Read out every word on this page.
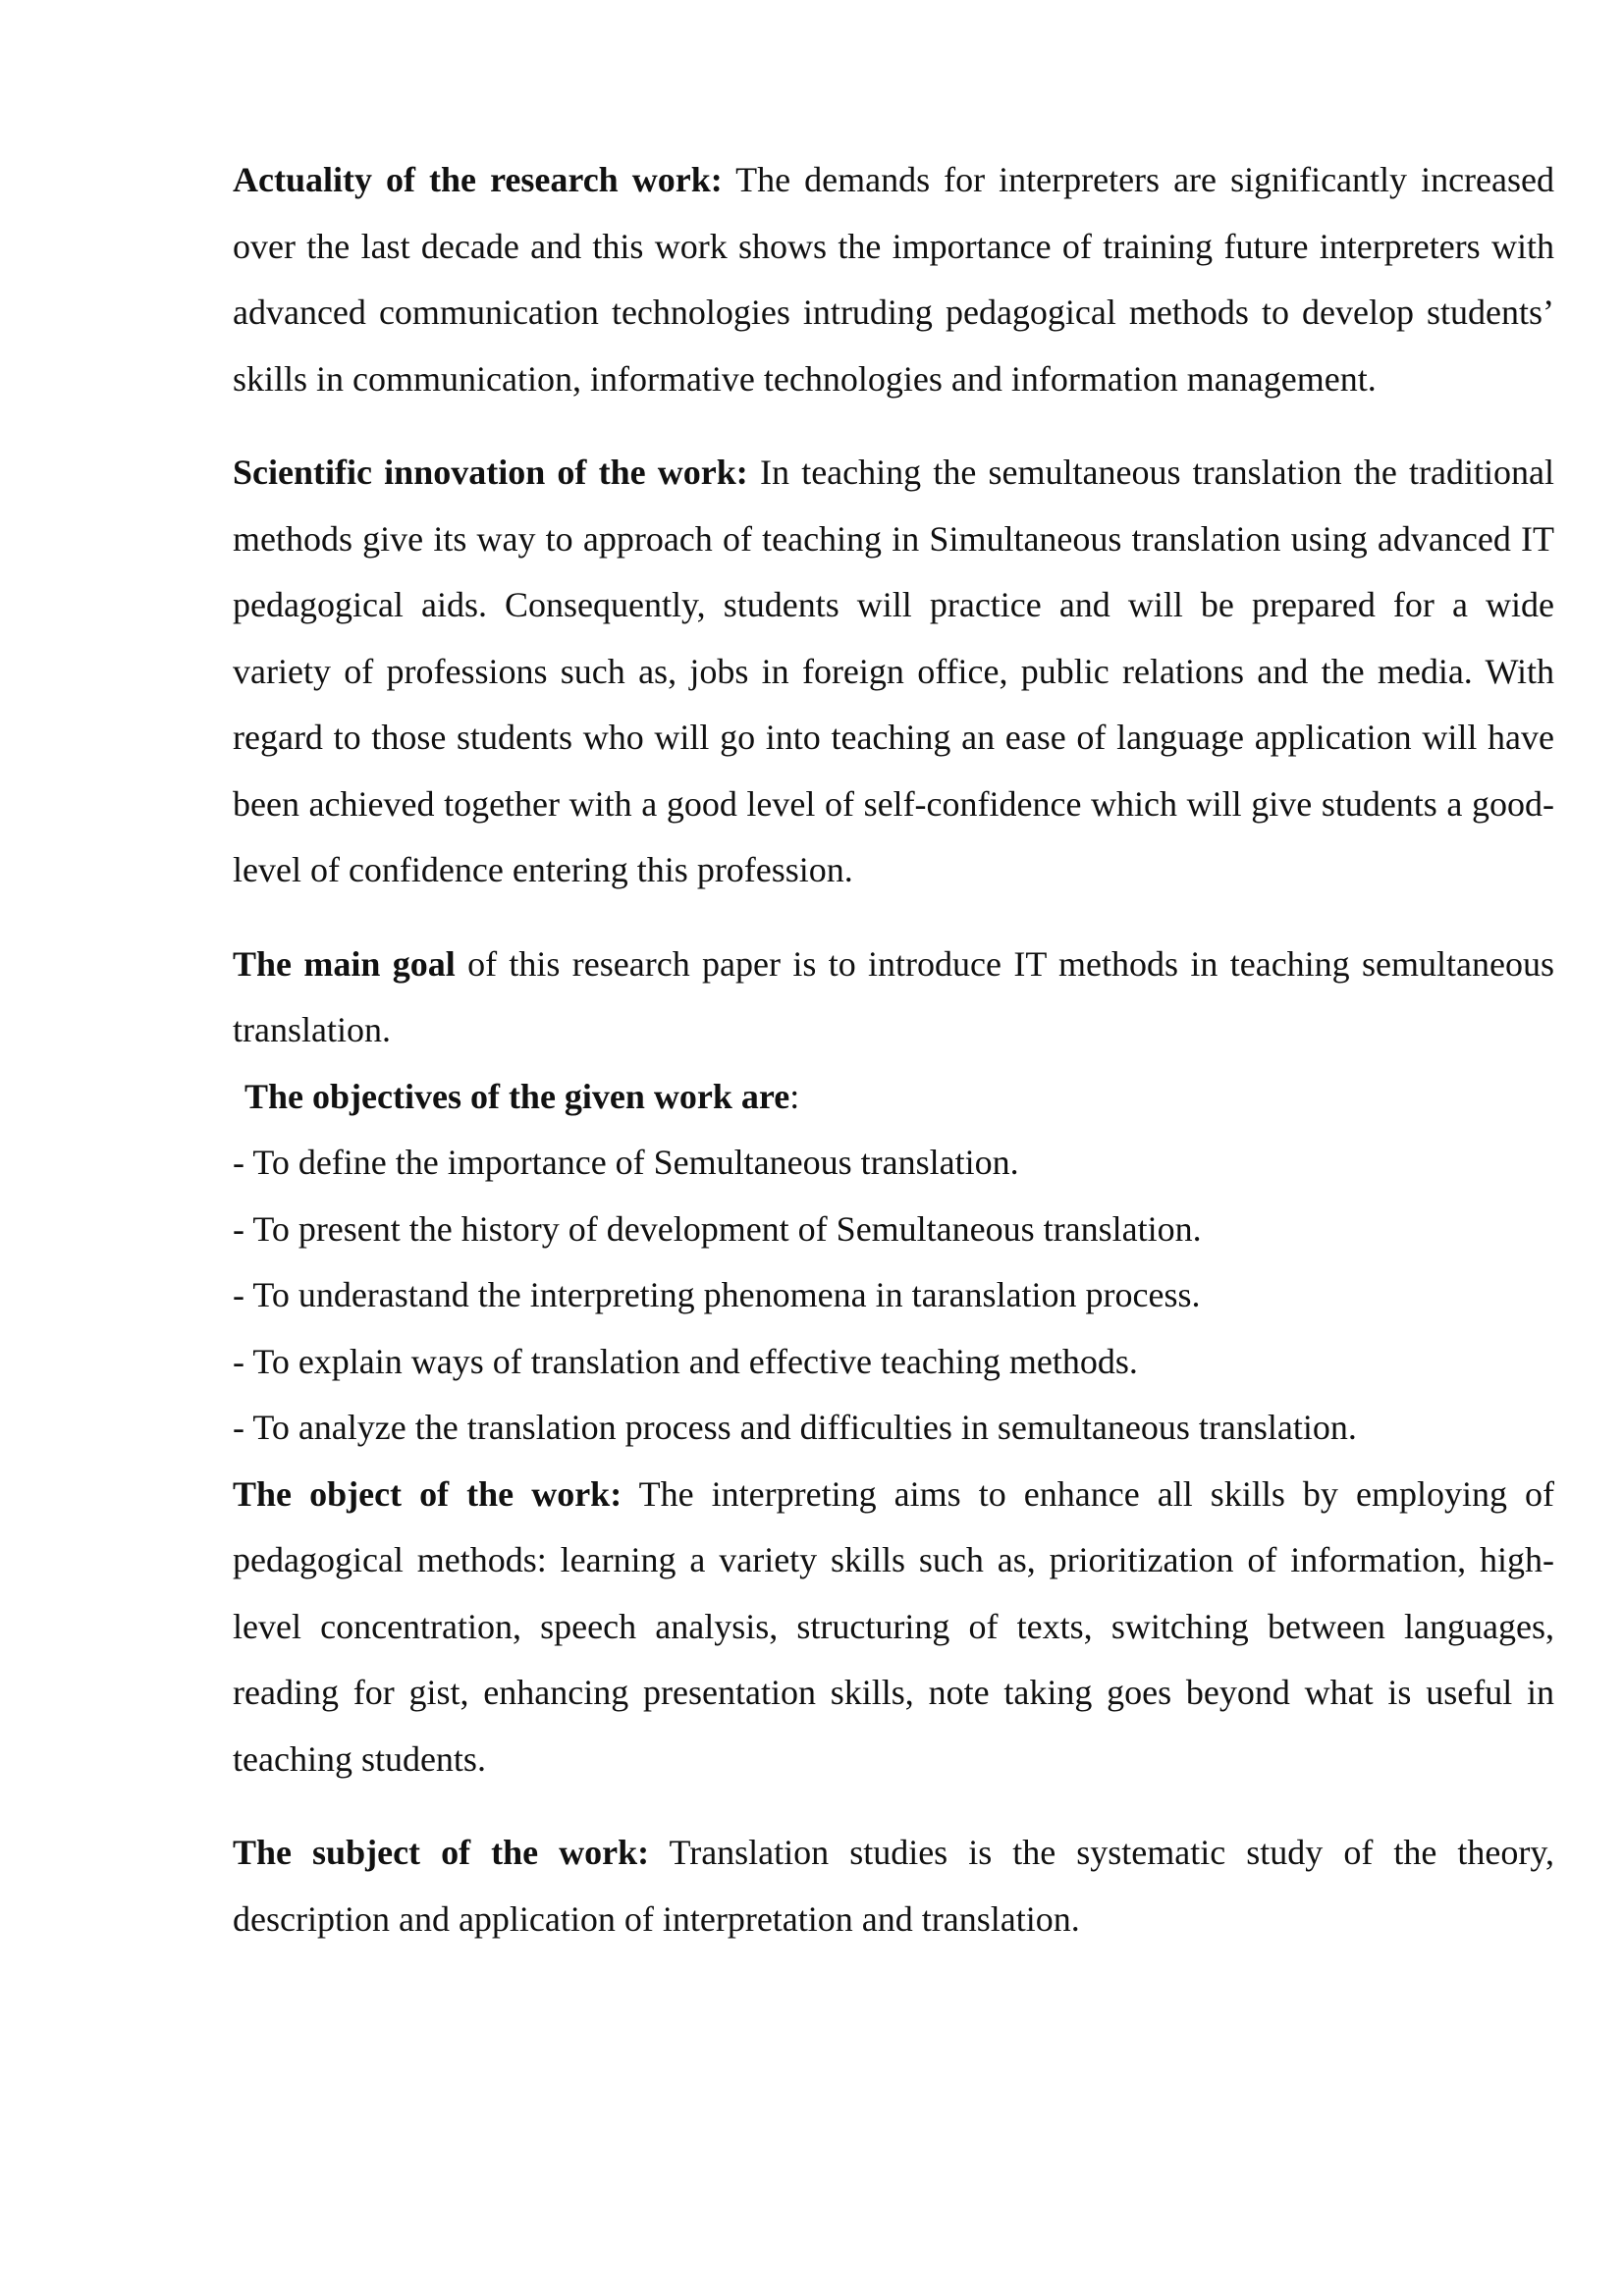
Actuality of the research work: The demands for interpreters are significantly increased over the last decade and this work shows the importance of training future interpreters with advanced communication technologies intruding pedagogical methods to develop students’ skills in communication, informative technologies and information management.

Scientific innovation of the work: In teaching the semultaneous translation the traditional methods give its way to approach of teaching in Simultaneous translation using advanced IT pedagogical aids. Consequently, students will practice and will be prepared for a wide variety of professions such as, jobs in foreign office, public relations and the media. With regard to those students who will go into teaching an ease of language application will have been achieved together with a good level of self-confidence which will give students a good-level of confidence entering this profession.

The main goal of this research paper is to introduce IT methods in teaching semultaneous translation.

The objectives of the given work are:

- To define the importance of Semultaneous translation.
- To present the history of development of Semultaneous translation.
- To underastand the interpreting phenomena in taranslation process.
- To explain ways of translation and effective teaching methods.
- To analyze the translation process and difficulties in semultaneous translation.

The object of the work: The interpreting aims to enhance all skills by employing of pedagogical methods: learning a variety skills such as, prioritization of information, high- level concentration, speech analysis, structuring of texts, switching between languages, reading for gist, enhancing presentation skills, note taking goes beyond what is useful in teaching students.

The subject of the work: Translation studies is the systematic study of the theory, description and application of interpretation and translation.
